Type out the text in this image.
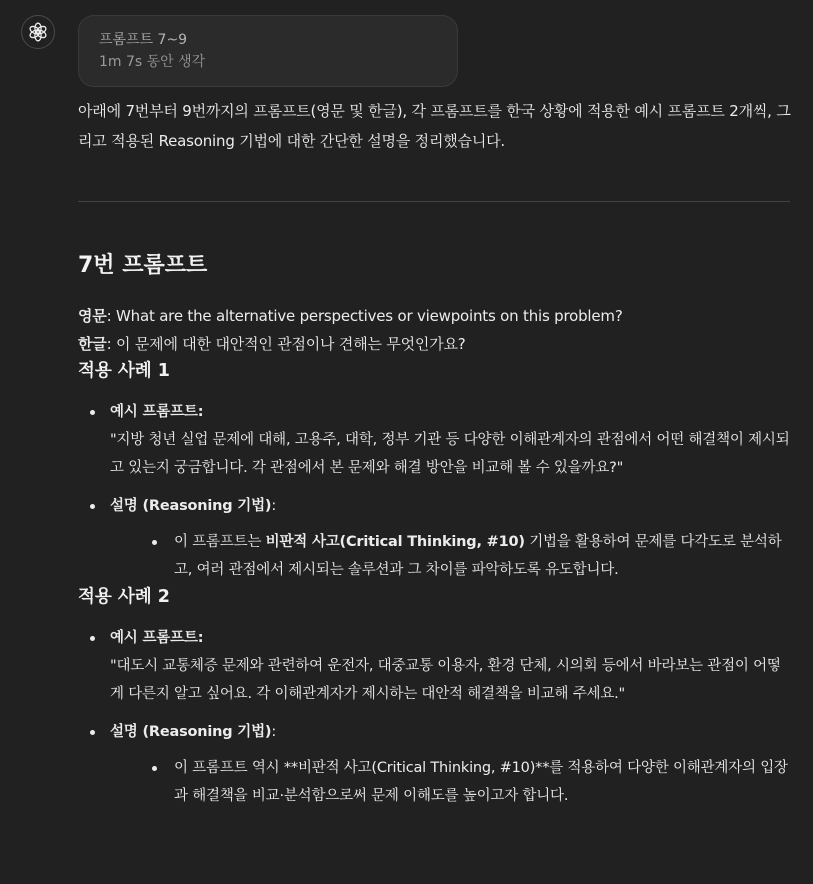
프롬프트 7~9
1m 7s 동안 생각

아래에 7번부터 9번까지의 프롬프트(영문 및 한글), 각 프롬프트를 한국 상황에 적용한 예시 프롬프트 2개씩, 그리고 적용된 Reasoning 기법에 대한 간단한 설명을 정리했습니다.

7번 프롬프트
영문: What are the alternative perspectives or viewpoints on this problem?
한글: 이 문제에 대한 대안적인 관점이나 견해는 무엇인가요?
적용 사례 1
예시 프롬프트:
"지방 청년 실업 문제에 대해, 고용주, 대학, 정부 기관 등 다양한 이해관계자의 관점에서 어떤 해결책이 제시되고 있는지 궁금합니다. 각 관점에서 본 문제와 해결 방안을 비교해 볼 수 있을까요?"
설명 (Reasoning 기법):
이 프롬프트는 비판적 사고(Critical Thinking, #10) 기법을 활용하여 문제를 다각도로 분석하고, 여러 관점에서 제시되는 솔루션과 그 차이를 파악하도록 유도합니다.
적용 사례 2
예시 프롬프트:
"대도시 교통체증 문제와 관련하여 운전자, 대중교통 이용자, 환경 단체, 시의회 등에서 바라보는 관점이 어떻게 다른지 알고 싶어요. 각 이해관계자가 제시하는 대안적 해결책을 비교해 주세요."
설명 (Reasoning 기법):
이 프롬프트 역시 **비판적 사고(Critical Thinking, #10)**를 적용하여 다양한 이해관계자의 입장과 해결책을 비교·분석함으로써 문제 이해도를 높이고자 합니다.
